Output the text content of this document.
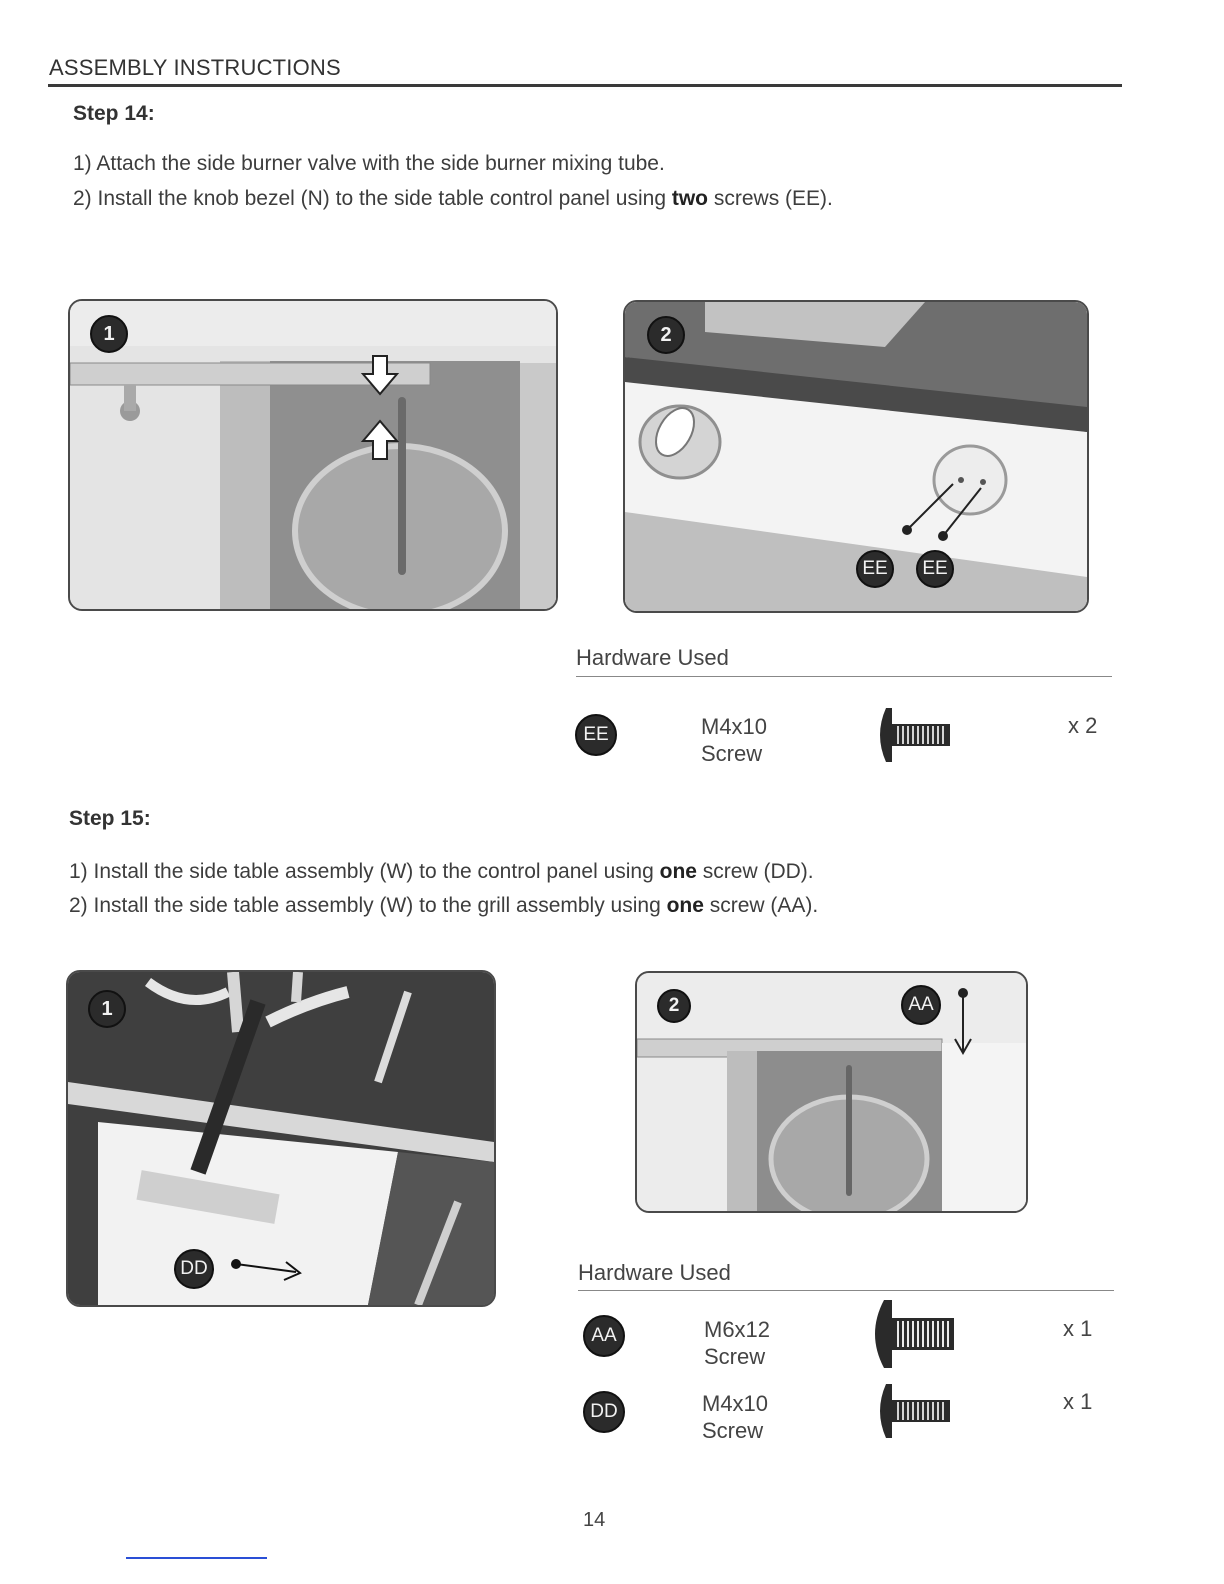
ASSEMBLY INSTRUCTIONS
Step 14:
1) Attach the side burner valve with the side burner mixing tube.
2) Install the knob bezel (N) to the side table control panel using two screws (EE).
1	2
EE	EE
Hardware Used
EE	M4x10
Screw
x 2
Step 15:
1) Install the side table assembly (W) to the control panel using one screw (DD).
2) Install the side table assembly (W) to the grill assembly using one screw (AA).
1
DD
2	AA
Hardware Used
AA	M6x12
Screw
x 1
DD	M4x10
Screw
x 1
14
